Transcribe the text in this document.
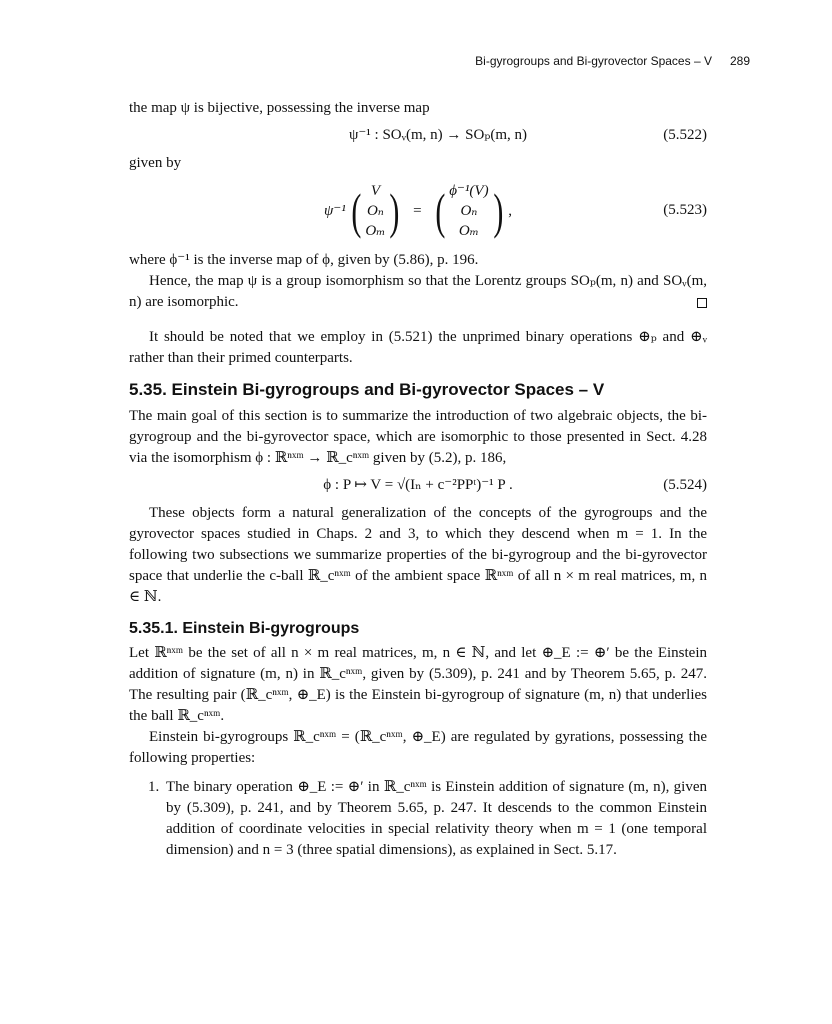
Bi-gyrogroups and Bi-gyrovector Spaces – V 289

the map ψ is bijective, possessing the inverse map

ψ⁻¹ : SOᵥ(m, n) → SOₚ(m, n)	(5.522)

given by

ψ⁻¹ ( V
Oₙ
Oₘ ) = ( ϕ⁻¹(V)
Oₙ
Oₘ ) ,	(5.523)

where ϕ⁻¹ is the inverse map of ϕ, given by (5.86), p. 196.

Hence, the map ψ is a group isomorphism so that the Lorentz groups SOₚ(m, n) and SOᵥ(m, n) are isomorphic.

It should be noted that we employ in (5.521) the unprimed binary operations ⊕ₚ and ⊕ᵥ rather than their primed counterparts.

5.35. Einstein Bi-gyrogroups and Bi-gyrovector Spaces – V

The main goal of this section is to summarize the introduction of two algebraic objects, the bi-gyrogroup and the bi-gyrovector space, which are isomorphic to those presented in Sect. 4.28 via the isomorphism ϕ : ℝⁿˣᵐ → ℝ_cⁿˣᵐ given by (5.2), p. 186,

ϕ : P ↦ V = √(Iₙ + c⁻²PPᵗ)⁻¹ P .	(5.524)

These objects form a natural generalization of the concepts of the gyrogroups and the gyrovector spaces studied in Chaps. 2 and 3, to which they descend when m = 1. In the following two subsections we summarize properties of the bi-gyrogroup and the bi-gyrovector space that underlie the c-ball ℝ_cⁿˣᵐ of the ambient space ℝⁿˣᵐ of all n × m real matrices, m, n ∈ ℕ.

5.35.1. Einstein Bi-gyrogroups

Let ℝⁿˣᵐ be the set of all n × m real matrices, m, n ∈ ℕ, and let ⊕_E := ⊕′ be the Einstein addition of signature (m, n) in ℝ_cⁿˣᵐ, given by (5.309), p. 241 and by Theorem 5.65, p. 247. The resulting pair (ℝ_cⁿˣᵐ, ⊕_E) is the Einstein bi-gyrogroup of signature (m, n) that underlies the ball ℝ_cⁿˣᵐ.

Einstein bi-gyrogroups ℝ_cⁿˣᵐ = (ℝ_cⁿˣᵐ, ⊕_E) are regulated by gyrations, possessing the following properties:

1. The binary operation ⊕_E := ⊕′ in ℝ_cⁿˣᵐ is Einstein addition of signature (m, n), given by (5.309), p. 241, and by Theorem 5.65, p. 247. It descends to the common Einstein addition of coordinate velocities in special relativity theory when m = 1 (one temporal dimension) and n = 3 (three spatial dimensions), as explained in Sect. 5.17.
